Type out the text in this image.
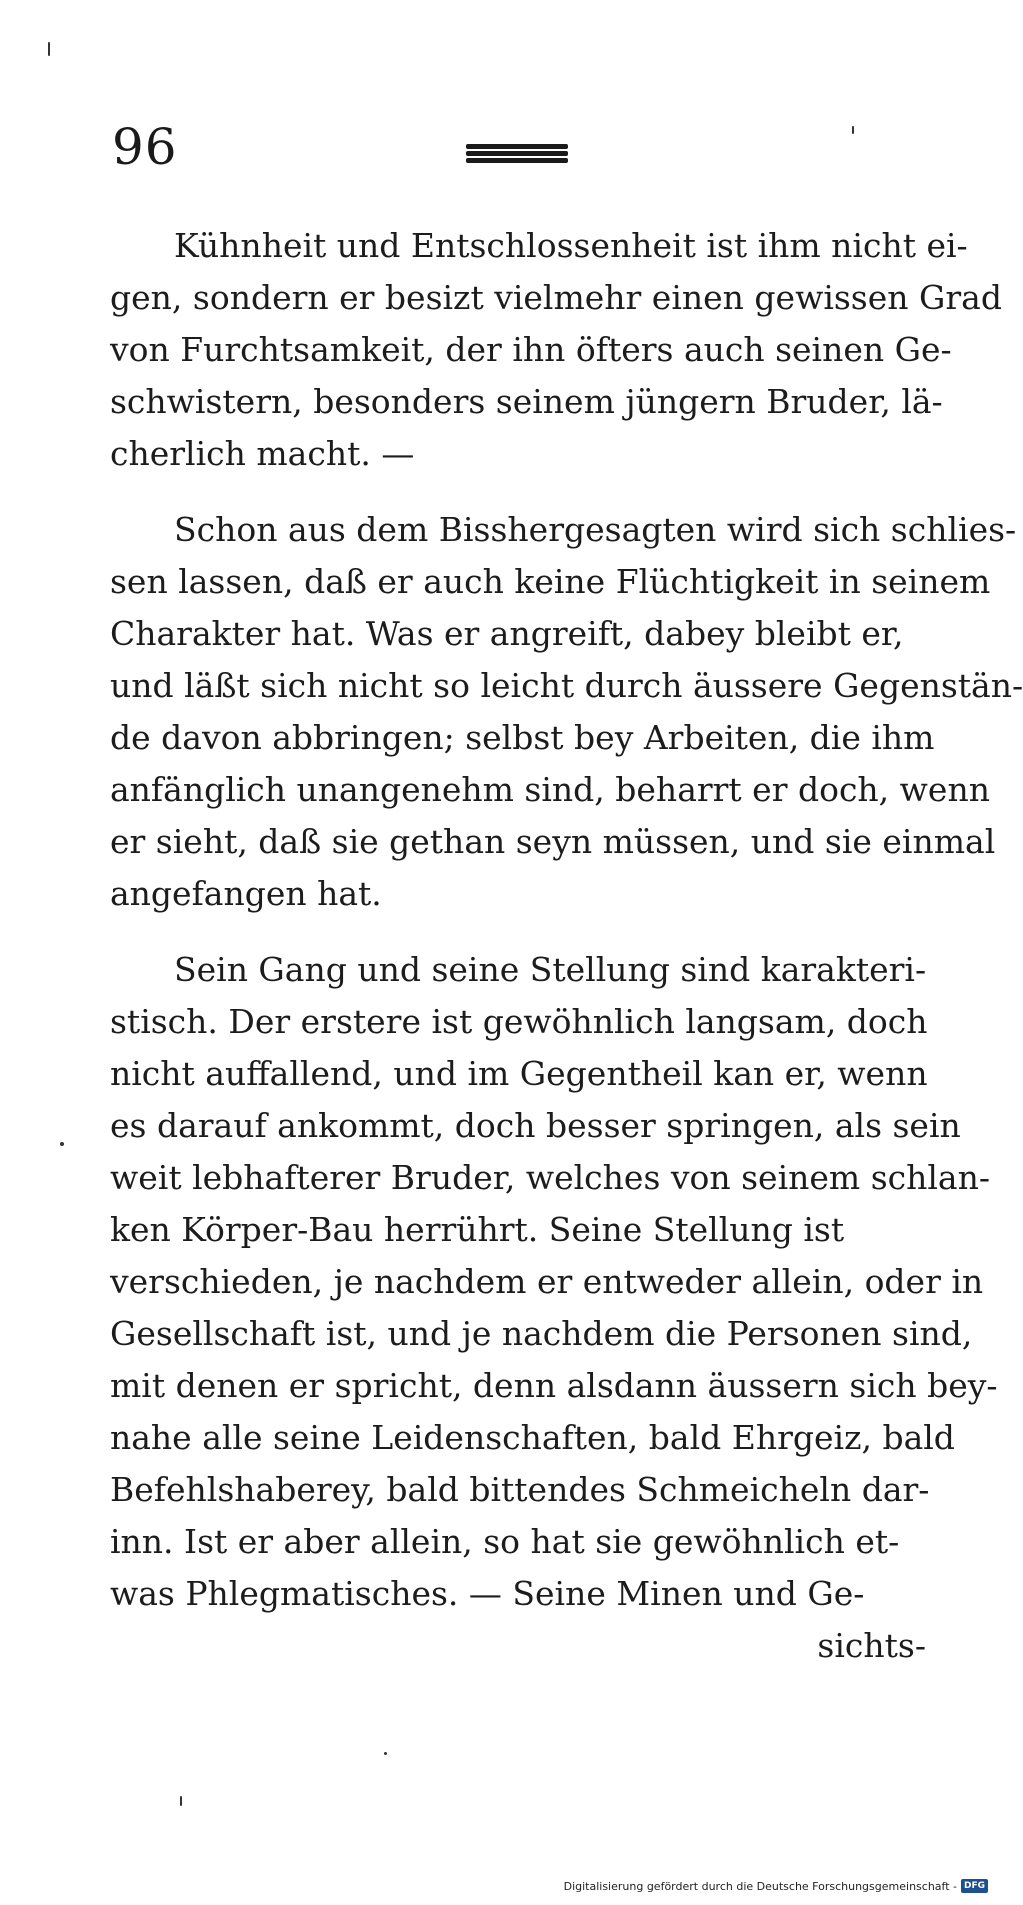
96
Kühnheit und Entschlossenheit ist ihm nicht ei-
gen, sondern er besizt vielmehr einen gewissen Grad
von Furchtsamkeit, der ihn öfters auch seinen Ge-
schwistern, besonders seinem jüngern Bruder, lä-
cherlich macht. —
Schon aus dem Bisshergesagten wird sich schlies-
sen lassen, daß er auch keine Flüchtigkeit in seinem
Charakter hat. Was er angreift, dabey bleibt er,
und läßt sich nicht so leicht durch äussere Gegenstän-
de davon abbringen; selbst bey Arbeiten, die ihm
anfänglich unangenehm sind, beharrt er doch, wenn
er sieht, daß sie gethan seyn müssen, und sie einmal
angefangen hat.
Sein Gang und seine Stellung sind karakteri-
stisch. Der erstere ist gewöhnlich langsam, doch
nicht auffallend, und im Gegentheil kan er, wenn
es darauf ankommt, doch besser springen, als sein
weit lebhafterer Bruder, welches von seinem schlan-
ken Körper-Bau herrührt. Seine Stellung ist
verschieden, je nachdem er entweder allein, oder in
Gesellschaft ist, und je nachdem die Personen sind,
mit denen er spricht, denn alsdann äussern sich bey-
nahe alle seine Leidenschaften, bald Ehrgeiz, bald
Befehlshaberey, bald bittendes Schmeicheln dar-
inn. Ist er aber allein, so hat sie gewöhnlich et-
was Phlegmatisches. — Seine Minen und Ge-
sichts-
Digitalisierung gefördert durch die Deutsche Forschungsgemeinschaft - DFG
